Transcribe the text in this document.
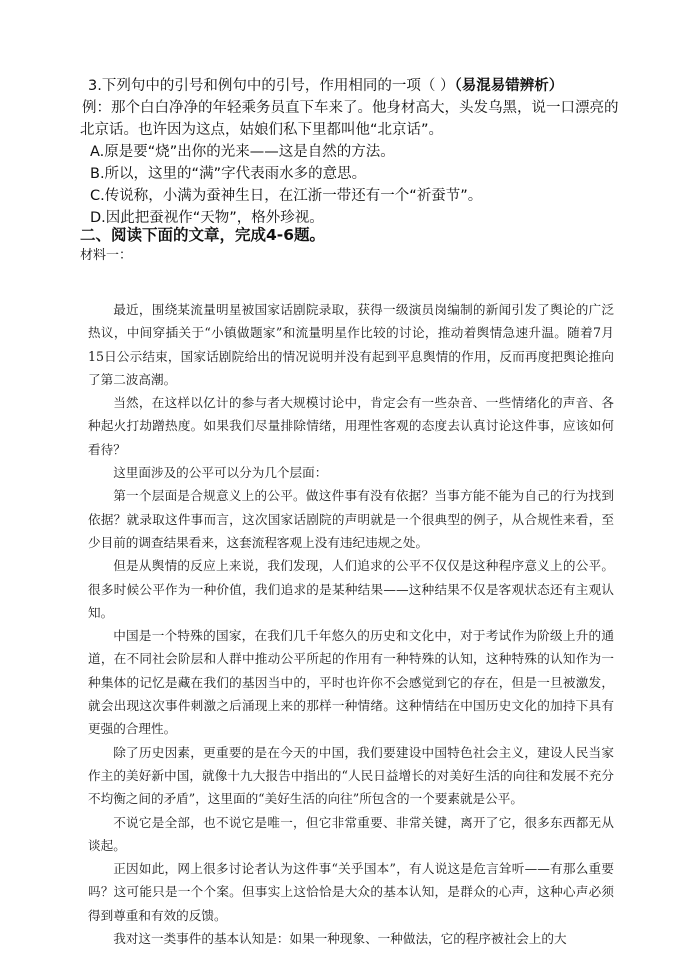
3.下列句中的引号和例句中的引号，作用相同的一项（ ）（易混易错辨析）
例：那个白白净净的年轻乘务员直下车来了。他身材高大，头发乌黑，说一口漂亮的
北京话。也许因为这点，姑娘们私下里都叫他“北京话”。
A.原是要“烧”出你的光来——这是自然的方法。
B.所以，这里的“满”字代表雨水多的意思。
C.传说称，小满为蚕神生日，在江浙一带还有一个“祈蚕节”。
D.因此把蚕视作“天物”，格外珍视。
二、阅读下面的文章，完成4-6题。
材料一：

最近，围绕某流量明星被国家话剧院录取，获得一级演员岗编制的新闻引发了舆论的广泛热议，中间穿插关于“小镇做题家”和流量明星作比较的讨论，推动着舆情急速升温。随着7月15日公示结束，国家话剧院给出的情况说明并没有起到平息舆情的作用，反而再度把舆论推向了第二波高潮。

当然，在这样以亿计的参与者大规模讨论中，肯定会有一些杂音、一些情绪化的声音、各种起火打劫蹭热度。如果我们尽量排除情绪，用理性客观的态度去认真讨论这件事，应该如何看待？

这里面涉及的公平可以分为几个层面：

第一个层面是合规意义上的公平。做这件事有没有依据？当事方能不能为自己的行为找到依据？就录取这件事而言，这次国家话剧院的声明就是一个很典型的例子，从合规性来看，至少目前的调查结果看来，这套流程客观上没有违纪违规之处。

但是从舆情的反应上来说，我们发现，人们追求的公平不仅仅是这种程序意义上的公平。很多时候公平作为一种价值，我们追求的是某种结果——这种结果不仅是客观状态还有主观认知。

中国是一个特殊的国家，在我们几千年悠久的历史和文化中，对于考试作为阶级上升的通道，在不同社会阶层和人群中推动公平所起的作用有一种特殊的认知，这种特殊的认知作为一种集体的记忆是藏在我们的基因当中的，平时也许你不会感觉到它的存在，但是一旦被激发，就会出现这次事件刺激之后涌现上来的那样一种情绪。这种情结在中国历史文化的加持下具有更强的合理性。

除了历史因素，更重要的是在今天的中国，我们要建设中国特色社会主义，建设人民当家作主的美好新中国，就像十九大报告中指出的“人民日益增长的对美好生活的向往和发展不充分不均衡之间的矛盾”，这里面的“美好生活的向往”所包含的一个要素就是公平。

不说它是全部，也不说它是唯一，但它非常重要、非常关键，离开了它，很多东西都无从谈起。

正因如此，网上很多讨论者认为这件事“关乎国本”，有人说这是危言耸听——有那么重要吗？这可能只是一个个案。但事实上这恰恰是大众的基本认知，是群众的心声，这种心声必须得到尊重和有效的反馈。

我对这一类事件的基本认知是：如果一种现象、一种做法，它的程序被社会上的大
